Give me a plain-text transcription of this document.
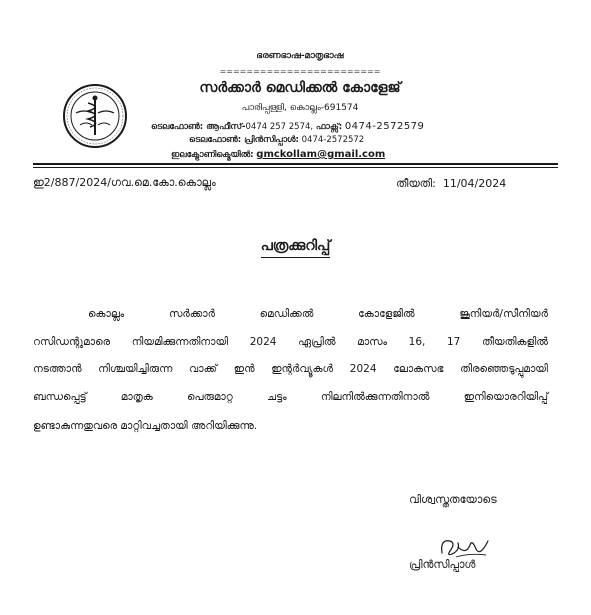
ഭരണഭാഷ-മാതൃഭാഷ
========================
സർക്കാർ മെഡിക്കൽ കോളേജ്
പാരിപ്പള്ളി, കൊല്ലം-691574
ടെലഫോൺ: ആഫീസ്-0474 257 2574, ഫാക്സ്: 0474-2572579
ടെലഫോൺ: പ്രിൻസിപ്പാൾ: 0474-2572572
ഇലക്ട്രോണിക്മെയിൽ: gmckollam@gmail.com
ഇ2/887/2024/ഗവ.മെ.കോ.കൊല്ലം	തീയതി: 11/04/2024
പത്രക്കുറിപ്പ്
കൊല്ലം	സർക്കാർ	മെഡിക്കൽ	കോളേജിൽ	ജൂനിയർ/സീനിയർ
റസിഡന്റുമാരെ നിയമിക്കുന്നതിനായി 2024 ഏപ്രിൽ മാസം 16, 17 തീയതികളിൽ
നടത്താൻ നിശ്ചയിച്ചിരുന്ന വാക്ക് ഇൻ ഇന്റർവ്യൂകൾ 2024 ലോകസഭ തിരഞ്ഞെടുപ്പുമായി
ബന്ധപ്പെട്ട്	മാതൃക	പെരുമാറ്റ	ചട്ടം	നിലനിൽക്കുന്നതിനാൽ	ഇനിയൊരറിയിപ്പ്
ഉണ്ടാകുന്നതുവരെ മാറ്റിവച്ചതായി അറിയിക്കുന്നു.
വിശ്വസ്തതയോടെ
പ്രിൻസിപ്പാൾ
